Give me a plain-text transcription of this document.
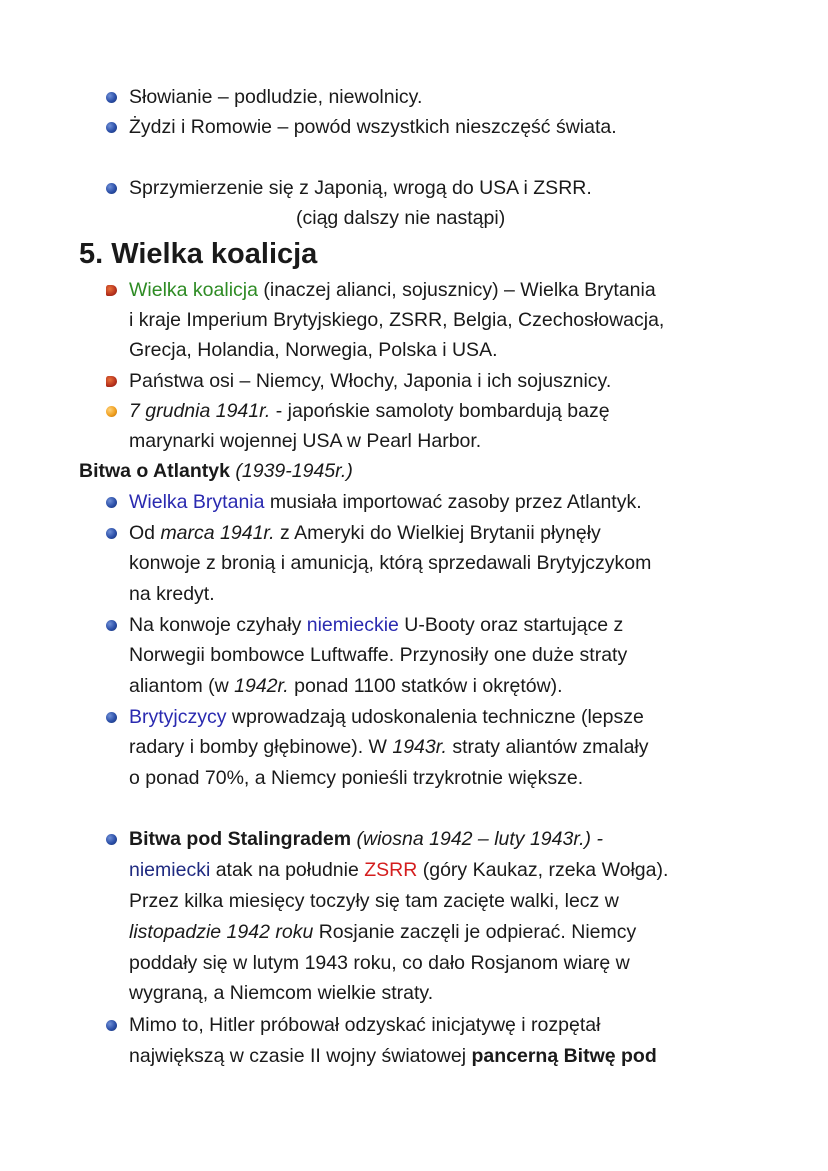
Słowianie – podludzie, niewolnicy.
Żydzi i Romowie – powód wszystkich nieszczęść świata.
Sprzymierzenie się z Japonią, wrogą do USA i ZSRR.
(ciąg dalszy nie nastąpi)
5. Wielka koalicja
Wielka koalicja (inaczej alianci, sojusznicy) – Wielka Brytania
i kraje Imperium Brytyjskiego, ZSRR, Belgia, Czechosłowacja,
Grecja, Holandia, Norwegia, Polska i USA.
Państwa osi – Niemcy, Włochy, Japonia i ich sojusznicy.
7 grudnia 1941r. - japońskie samoloty bombardują bazę
marynarki wojennej USA w Pearl Harbor.
Bitwa o Atlantyk (1939-1945r.)
Wielka Brytania musiała importować zasoby przez Atlantyk.
Od marca 1941r. z Ameryki do Wielkiej Brytanii płynęły
konwoje z bronią i amunicją, którą sprzedawali Brytyjczykom
na kredyt.
Na konwoje czyhały niemieckie U-Booty oraz startujące z
Norwegii bombowce Luftwaffe. Przynosiły one duże straty
aliantom (w 1942r. ponad 1100 statków i okrętów).
Brytyjczycy wprowadzają udoskonalenia techniczne (lepsze
radary i bomby głębinowe). W 1943r. straty aliantów zmalały
o ponad 70%, a Niemcy ponieśli trzykrotnie większe.
Bitwa pod Stalingradem (wiosna 1942 – luty 1943r.) -
niemiecki atak na południe ZSRR (góry Kaukaz, rzeka Wołga).
Przez kilka miesięcy toczyły się tam zacięte walki, lecz w
listopadzie 1942 roku Rosjanie zaczęli je odpierać. Niemcy
poddały się w lutym 1943 roku, co dało Rosjanom wiarę w
wygraną, a Niemcom wielkie straty.
Mimo to, Hitler próbował odzyskać inicjatywę i rozpętał
największą w czasie II wojny światowej pancerną Bitwę pod
